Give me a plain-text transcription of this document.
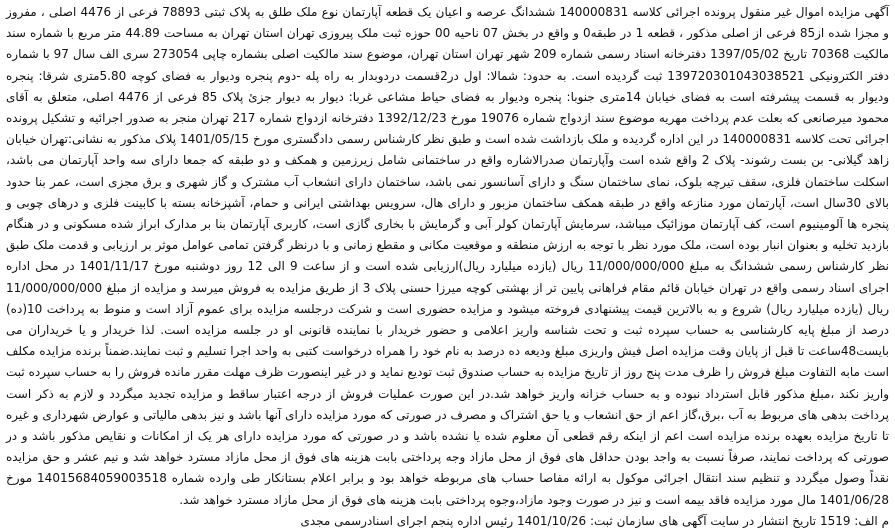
آگهی مزایده اموال غیر منقول پرونده اجرائی کلاسه 140000831 ششدانگ عرصه و اعیان یک قطعه آپارتمان نوع ملک طلق به پلاک ثبتی 78893 فرعی از 4476 اصلی ، مفروز و مجزا شده از85 فرعی از اصلی مذکور ، قطعه 1 در طبقه0 و واقع در بخش 07 ناحیه 00 حوزه ثبت ملک پیروزی تهران استان تهران به مساحت 44.89 متر مربع با شماره سند مالکیت 70368 تاریخ 1397/05/02 دفترخانه اسناد رسمی شماره 209 شهر تهران استان تهران، موضوع سند مالکیت اصلی بشماره چاپی 273054 سری الف سال 97 با شماره دفتر الکترونیکی 139720301043038521 ثبت گردیده است. به حدود: شمالا: اول در2قسمت دردوبدار به راه پله -دوم پنجره ودیوار به فضای کوچه 5.80متری شرقا: پنجره ودیوار به قسمت پیشرفته است به فضای خیابان 14متری جنوبا: پنجره ودیوار به فضای حیاط مشاعی غربا: دیوار به دیوار جزئ پلاک 85 فرعی از 4476 اصلی، متعلق به آقای محمود میرصانعی که بعلت عدم پرداخت مهریه موضوع سند ازدواج شماره 19076 مورخ 1392/12/23 دفترخانه ازدواج شماره 217 تهران منجر به صدور اجرائیه و تشکیل پرونده اجرائی تحت کلاسه 140000831 در این اداره گردیده و ملک بازداشت شده است و طبق نظر کارشناس رسمی دادگستری مورخ 1401/05/15 پلاک مذکور به نشانی:تهران خیابان زاهد گیلانی- بن بست رشوند- پلاک 2 واقع شده است وآپارتمان صدرالاشاره واقع در ساختمانی شامل زیرزمین و همکف و دو طبقه که جمعا دارای سه واحد آپارتمان می باشد، اسکلت ساختمان فلزی، سقف تیرچه بلوک، نمای ساختمان سنگ و دارای آسانسور نمی باشد، ساختمان دارای انشعاب آب مشترک و گاز شهری و برق مجزی است، عمر بنا حدود بالای 30سال است، آپارتمان مورد منازعه واقع در طبقه همکف ساختمان مزبور و دارای هال، سرویس بهداشتی ایرانی و حمام، آشپزخانه بسته با کابینت فلزی و درهای چوبی و پنجره ها آلومینیوم است، کف آپارتمان موزائیک میباشد، سرمایش آپارتمان کولر آبی و گرمایش با بخاری گازی است، کاربری آپارتمان بنا بر مدارک ابراز شده مسکونی و در هنگام بازدید تخلیه و بعنوان انبار بوده است، ملک مورد نظر با توجه به ارزش منطقه و موقعیت مکانی و مقطع زمانی و با درنظر گرفتن تمامی عوامل موثر بر ارزیابی و قدمت ملک طبق نظر کارشناس رسمی ششدانگ به مبلغ 11/000/000/000 ریال (یازده میلیارد ریال)ارزیابی شده است و از ساعت 9 الی 12 روز دوشنبه مورخ 1401/11/17 در محل اداره اجرای اسناد رسمی واقع در تهران خیابان قائم مقام فراهانی پایین تر از بهشتی کوچه میرزا حسنی پلاک 3 از طریق مزایده به فروش میرسد و مزایده از مبلغ 11/000/000/000 ریال (یازده میلیارد ریال) شروع و به بالاترین قیمت پیشنهادی فروخته میشود و مزایده حضوری است و شرکت درجلسه مزایده برای عموم آزاد است و منوط به پرداخت 10(ده) درصد از مبلغ پایه کارشناسی به حساب سپرده ثبت و تحت شناسه واریز اعلامی و حضور خریدار با نماینده قانونی او در جلسه مزایده است. لذا خریدار و یا خریداران می بایست48ساعت تا قبل از پایان وقت مزایده اصل فیش واریزی مبلغ ودیعه ده درصد به نام خود را همراه درخواست کتبی به واحد اجرا تسلیم و ثبت نمایند.ضمناً برنده مزایده مکلف است مابه التفاوت مبلغ فروش را ظرف مدت پنج روز از تاریخ مزایده به حساب صندوق ثبت تودیع نماید و در غیر اینصورت ظرف مهلت مقرر مانده فروش را به حساب سپرده ثبت واریز نکند ،مبلغ مذکور قابل استرداد نبوده و به حساب خزانه واریز خواهد شد.در این صورت عملیات فروش از درجه اعتبار ساقط و مزایده تجدید میگردد و لازم به ذکر است پرداخت بدهی های مربوط به آب ،برق،گاز اعم از حق انشعاب و یا حق اشتراک و مصرف در صورتی که مورد مزایده دارای آنها باشد و نیز بدهی مالیاتی و عوارض شهرداری و غیره تا تاریخ مزایده بعهده برنده مزایده است اعم از اینکه رقم قطعی آن معلوم شده یا نشده باشد و در صورتی که مورد مزایده دارای هر یک از امکانات و نقایص مذکور باشد و در صورتی که پرداخت نمایند، صرفاً نسبت به واجد بودن حداقل های فوق از محل مازاد وجه پرداختی بابت هزینه های فوق از محل مازاد مسترد خواهد شد و نیم عشر و حق مزایده نقداً وصول میگردد و تنظیم سند انتقال اجرائی موکول به ارائه مفاصا حساب های مربوطه خواهد بود و برابر اعلام بستانکار طی وارده شماره 14015684059003518 مورخ 1401/06/28 مال مورد مزایده فاقد بیمه است و نیز در صورت وجود مازاد،وجوه پرداختی بابت هزینه های فوق از محل مازاد مسترد خواهد شد.
م الف: 1519 تاریخ انتشار در سایت آگهی های سازمان ثبت: 1401/10/26 رئیس اداره پنجم اجرای اسنادرسمی مجدی
